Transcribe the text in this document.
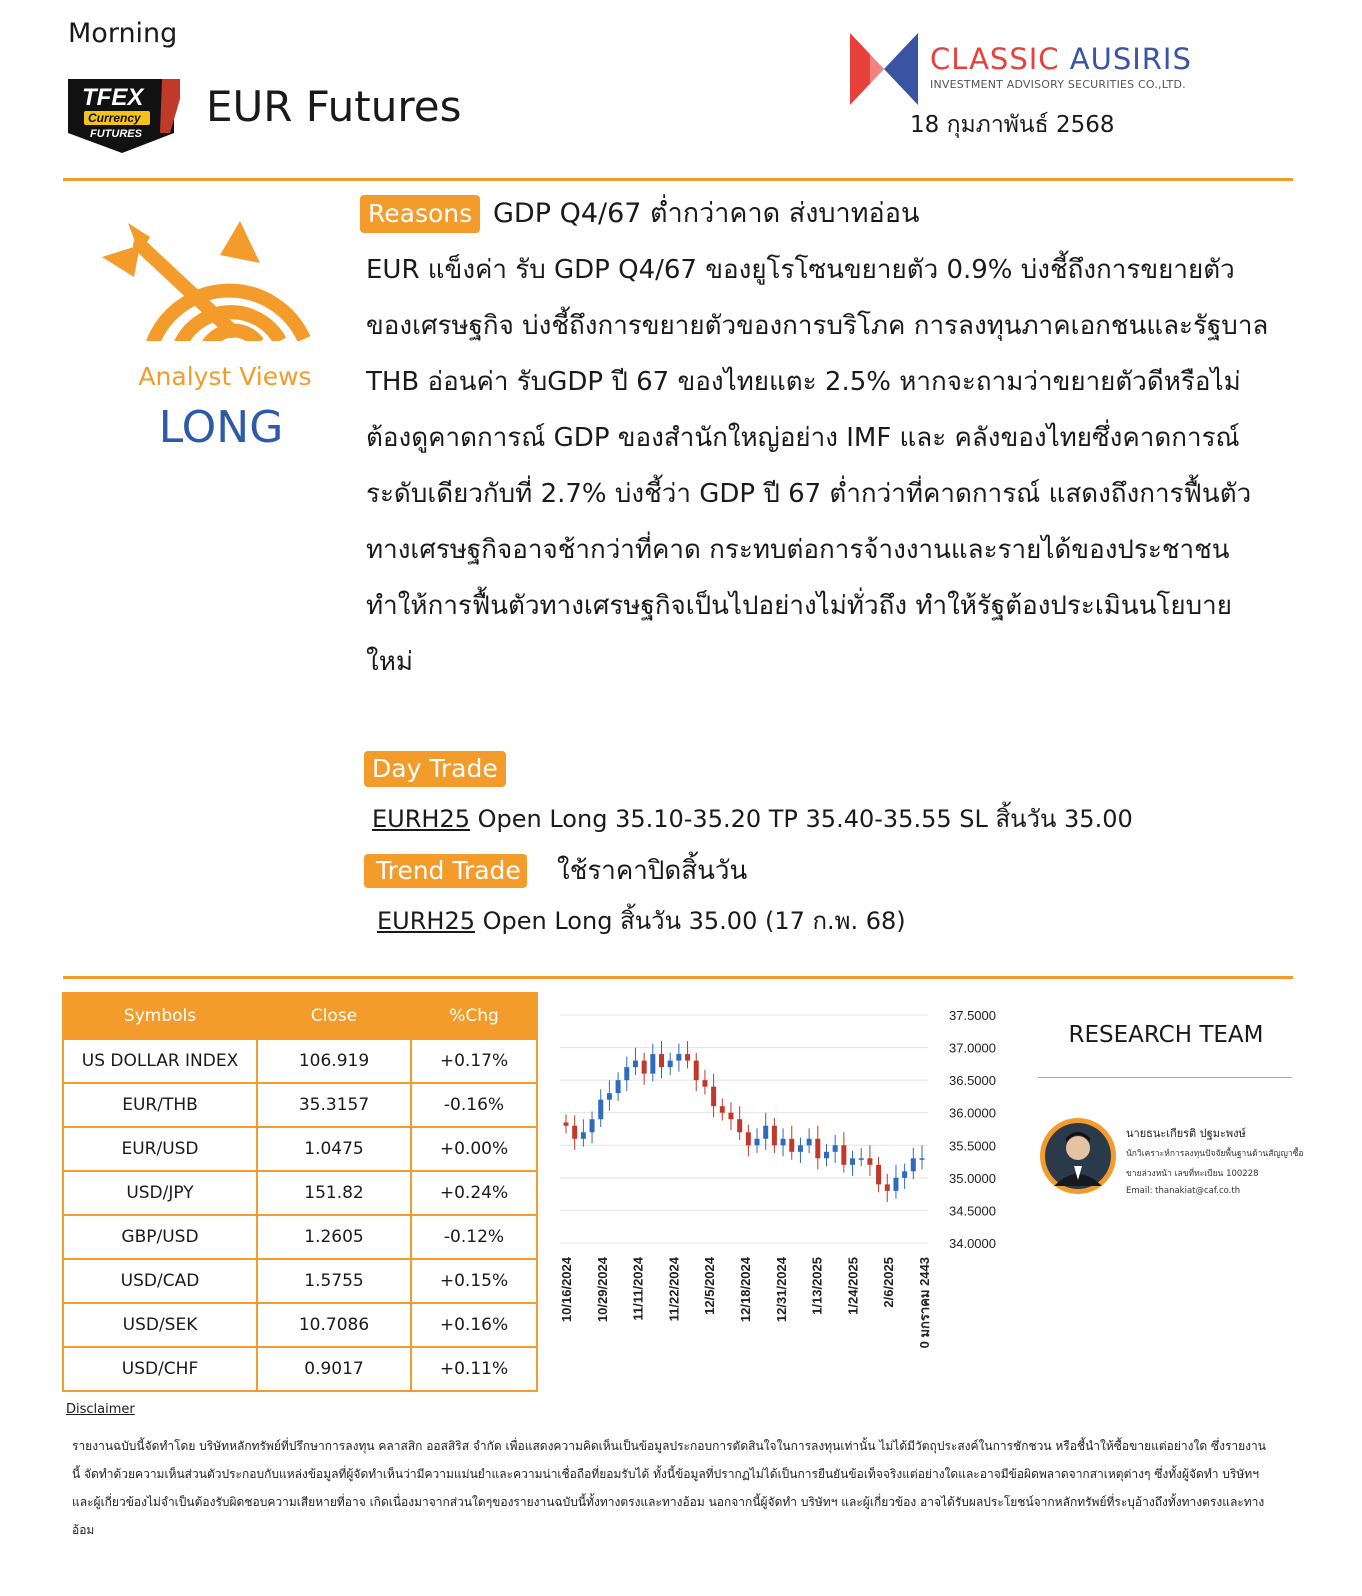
Morning
TFEX
Currency
FUTURES
EUR Futures
CLASSIC AUSIRIS
INVESTMENT ADVISORY SECURITIES CO.,LTD.
18 กุมภาพันธ์ 2568
Analyst Views
LONG
Reasons GDP Q4/67 ต่ำกว่าคาด ส่งบาทอ่อน

EUR แข็งค่า รับ GDP Q4/67 ของยูโรโซนขยายตัว 0.9% บ่งชี้ถึงการขยายตัวของเศรษฐกิจ บ่งชี้ถึงการขยายตัวของการบริโภค การลงทุนภาคเอกชนและรัฐบาล

THB อ่อนค่า รับGDP ปี 67 ของไทยแตะ 2.5% หากจะถามว่าขยายตัวดีหรือไม่ ต้องดูคาดการณ์ GDP ของสำนักใหญ่อย่าง IMF และ คลังของไทยซึ่งคาดการณ์ระดับเดียวกับที่ 2.7% บ่งชี้ว่า GDP ปี 67 ต่ำกว่าที่คาดการณ์ แสดงถึงการฟื้นตัวทางเศรษฐกิจอาจช้ากว่าที่คาด กระทบต่อการจ้างงานและรายได้ของประชาชน ทำให้การฟื้นตัวทางเศรษฐกิจเป็นไปอย่างไม่ทั่วถึง ทำให้รัฐต้องประเมินนโยบายใหม่

Day Trade
EURH25 Open Long 35.10-35.20 TP 35.40-35.55 SL สิ้นวัน 35.00
Trend Trade ใช้ราคาปิดสิ้นวัน
EURH25 Open Long สิ้นวัน 35.00 (17 ก.พ. 68)
Symbols	Close	%Chg
US DOLLAR INDEX	106.919	+0.17%
EUR/THB	35.3157	-0.16%
EUR/USD	1.0475	+0.00%
USD/JPY	151.82	+0.24%
GBP/USD	1.2605	-0.12%
USD/CAD	1.5755	+0.15%
USD/SEK	10.7086	+0.16%
USD/CHF	0.9017	+0.11%
37.5000
37.0000
36.5000
36.0000
35.5000
35.0000
34.5000
34.0000
10/16/2024 10/29/2024 11/11/2024 11/22/2024 12/5/2024 12/18/2024 12/31/2024 1/13/2025 1/24/2025 2/6/2025 0 มกราคม 2443
RESEARCH TEAM
นายธนะเกียรติ ปฐมะพงษ์
นักวิเคราะห์การลงทุนปัจจัยพื้นฐานด้านสัญญาซื้อ
ขายล่วงหน้า เลขที่ทะเบียน 100228
Email: thanakiat@caf.co.th
Disclaimer
รายงานฉบับนี้จัดทำโดย บริษัทหลักทรัพย์ที่ปรึกษาการลงทุน คลาสสิก ออสสิริส จำกัด เพื่อแสดงความคิดเห็นเป็นข้อมูลประกอบการตัดสินใจในการลงทุนเท่านั้น ไม่ได้มีวัตถุประสงค์ในการชักชวน หรือชี้นำให้ซื้อขายแต่อย่างใด ซึ่งรายงานนี้ จัดทำด้วยความเห็นส่วนตัวประกอบกับแหล่งข้อมูลที่ผู้จัดทำเห็นว่ามีความแม่นยำและความน่าเชื่อถือที่ยอมรับได้ ทั้งนี้ข้อมูลที่ปรากฏไม่ได้เป็นการยืนยันข้อเท็จจริงแต่อย่างใดและอาจมีข้อผิดพลาดจากสาเหตุต่างๆ ซึ่งทั้งผู้จัดทำ บริษัทฯ และผู้เกี่ยวข้องไม่จำเป็นต้องรับผิดชอบความเสียหายที่อาจ เกิดเนื่องมาจากส่วนใดๆของรายงานฉบับนี้ทั้งทางตรงและทางอ้อม นอกจากนี้ผู้จัดทำ บริษัทฯ และผู้เกี่ยวข้อง อาจได้รับผลประโยชน์จากหลักทรัพย์ที่ระบุอ้างถึงทั้งทางตรงและทางอ้อม
